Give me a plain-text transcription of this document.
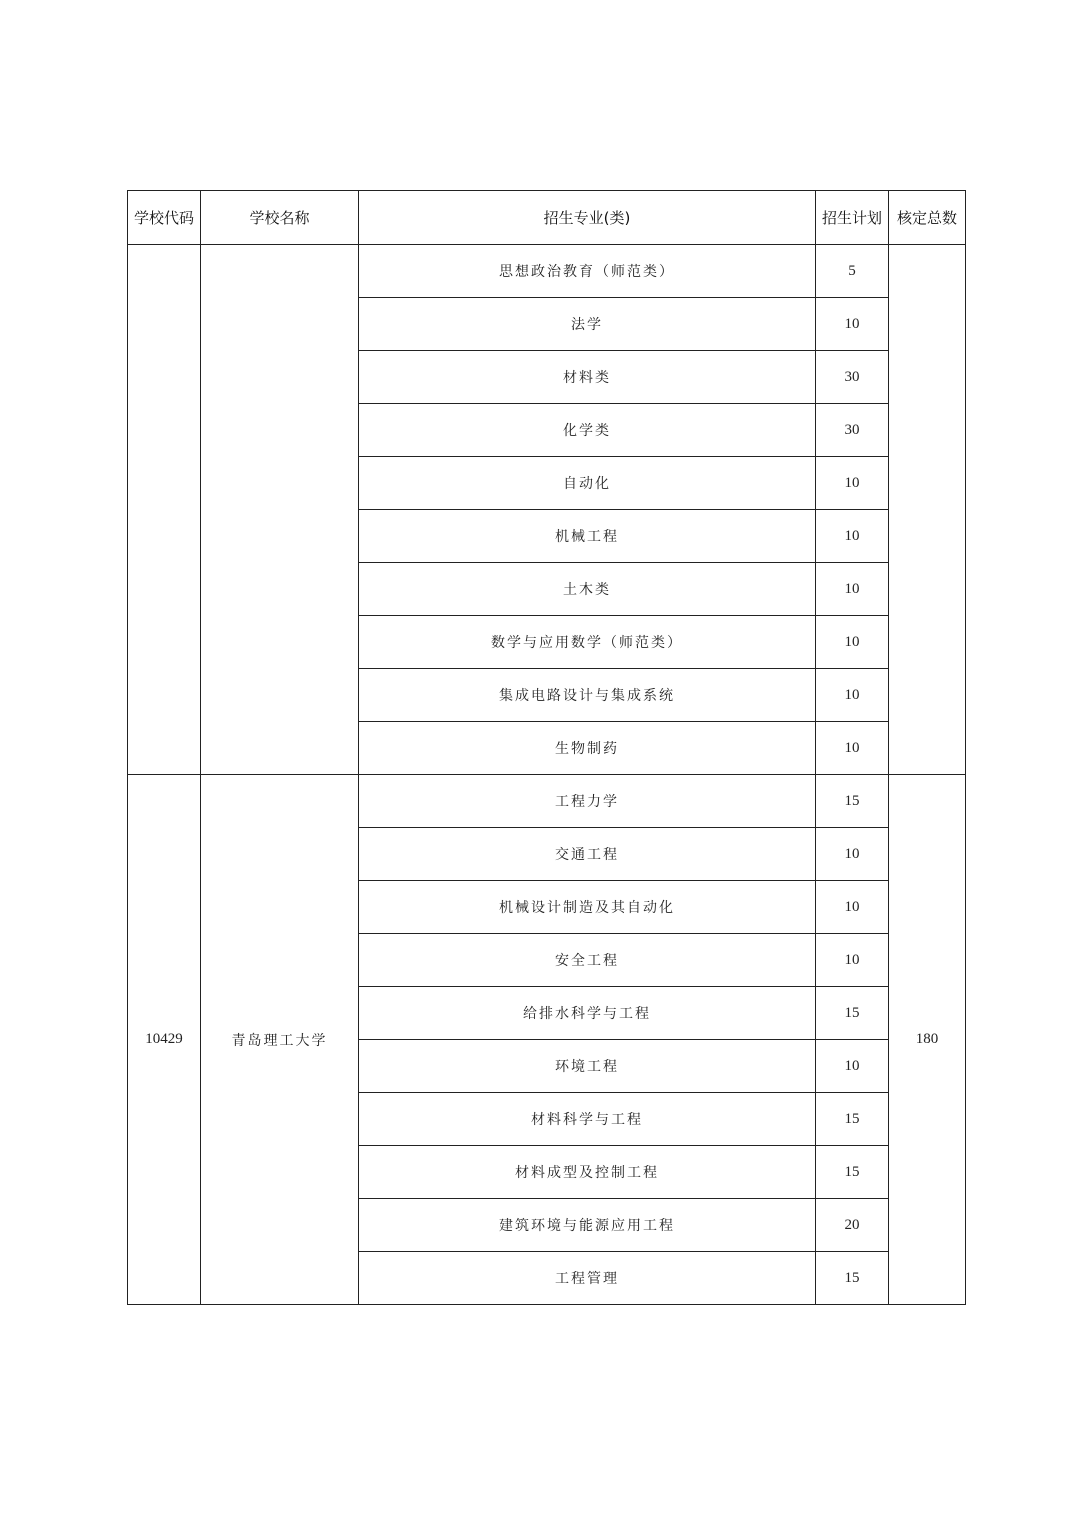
学校代码	学校名称	招生专业(类)	招生计划	核定总数
		思想政治教育（师范类）	5	
		法学	10	
		材料类	30	
		化学类	30	
		自动化	10	
		机械工程	10	
		土木类	10	
		数学与应用数学（师范类）	10	
		集成电路设计与集成系统	10	
		生物制药	10	
10429	青岛理工大学	工程力学	15	180
		交通工程	10	
		机械设计制造及其自动化	10	
		安全工程	10	
		给排水科学与工程	15	
		环境工程	10	
		材料科学与工程	15	
		材料成型及控制工程	15	
		建筑环境与能源应用工程	20	
		工程管理	15	
